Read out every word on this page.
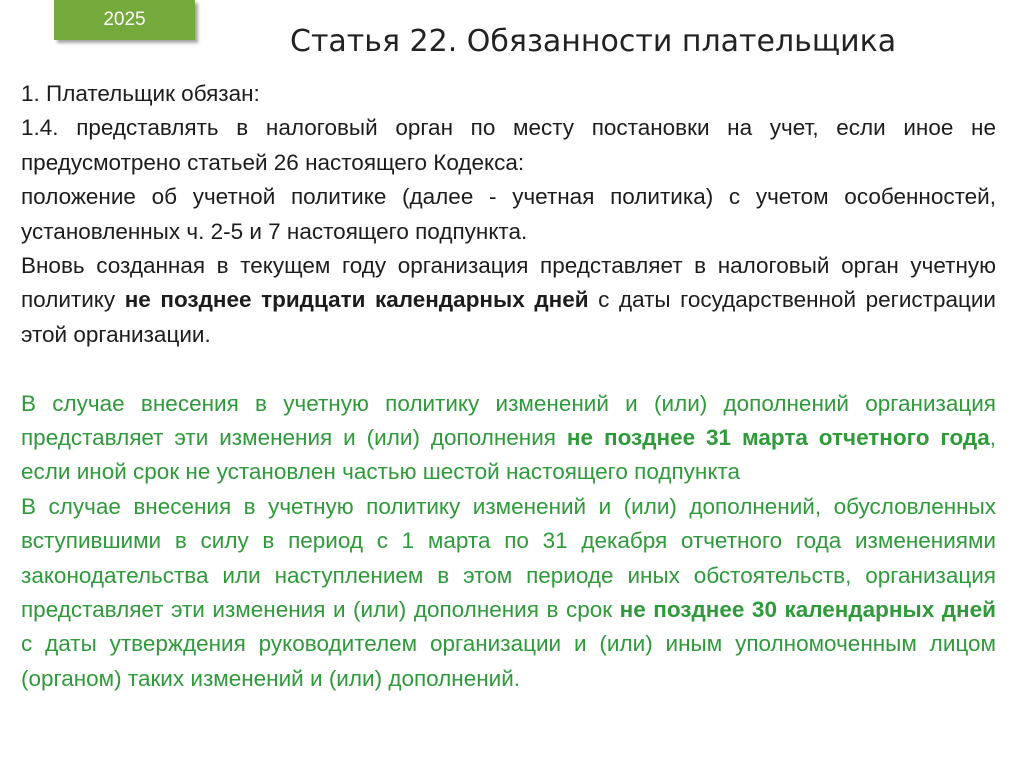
2025
Статья 22. Обязанности плательщика

1. Плательщик обязан:

1.4. представлять в налоговый орган по месту постановки на учет, если иное не предусмотрено статьей 26 настоящего Кодекса:

положение об учетной политике (далее - учетная политика) с учетом особенностей, установленных ч. 2-5 и 7 настоящего подпункта.

Вновь созданная в текущем году организация представляет в налоговый орган учетную политику не позднее тридцати календарных дней с даты государственной регистрации этой организации.

В случае внесения в учетную политику изменений и (или) дополнений организация представляет эти изменения и (или) дополнения не позднее 31 марта отчетного года, если иной срок не установлен частью шестой настоящего подпункта

В случае внесения в учетную политику изменений и (или) дополнений, обусловленных вступившими в силу в период с 1 марта по 31 декабря отчетного года изменениями законодательства или наступлением в этом периоде иных обстоятельств, организация представляет эти изменения и (или) дополнения в срок не позднее 30 календарных дней с даты утверждения руководителем организации и (или) иным уполномоченным лицом (органом) таких изменений и (или) дополнений.
